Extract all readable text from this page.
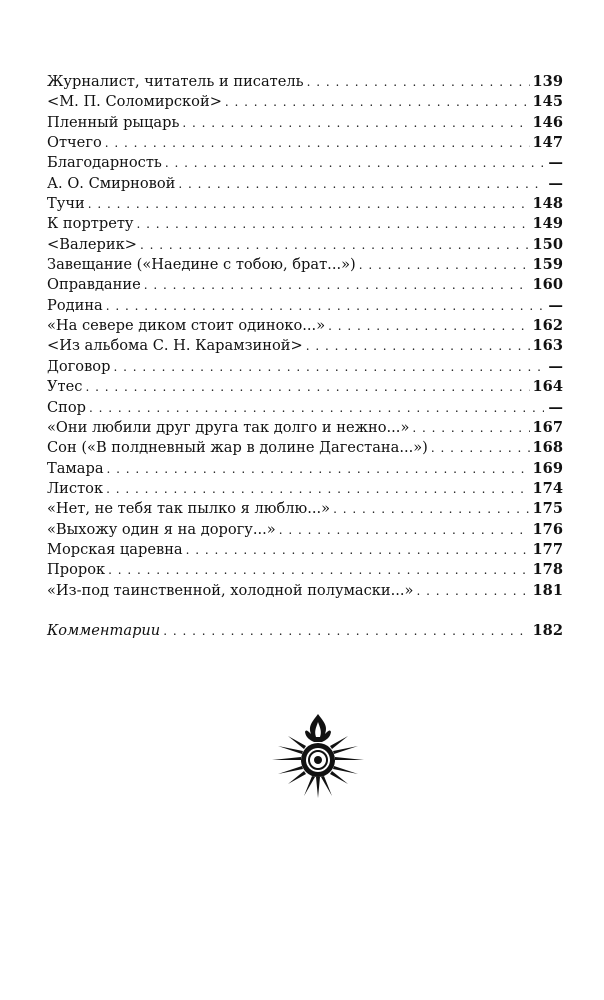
Журналист, читатель и писатель . . .	139
<М. П. Соломирской> . . .	145
Пленный рыцарь . . .	146
Отчего . . .	147
Благодарность . . .	—
А. О. Смирновой . . .	—
Тучи . . .	148
К портрету . . .	149
<Валерик> . . .	150
Завещание («Наедине с тобою, брат...») . . .	159
Оправдание . . .	160
Родина . . .	—
«На севере диком стоит одиноко...» . . .	162
<Из альбома С. Н. Карамзиной> . . .	163
Договор . . .	—
Утес . . .	164
Спор . . .	—
«Они любили друг друга так долго и нежно...» . . .	167
Сон («В полдневный жар в долине Дагестана...») . . .	168
Тамара . . .	169
Листок . . .	174
«Нет, не тебя так пылко я люблю...» . . .	175
«Выхожу один я на дорогу...» . . .	176
Морская царевна . . .	177
Пророк . . .	178
«Из-под таинственной, холодной полумаски...» . . .	181
Комментарии . . .	182
